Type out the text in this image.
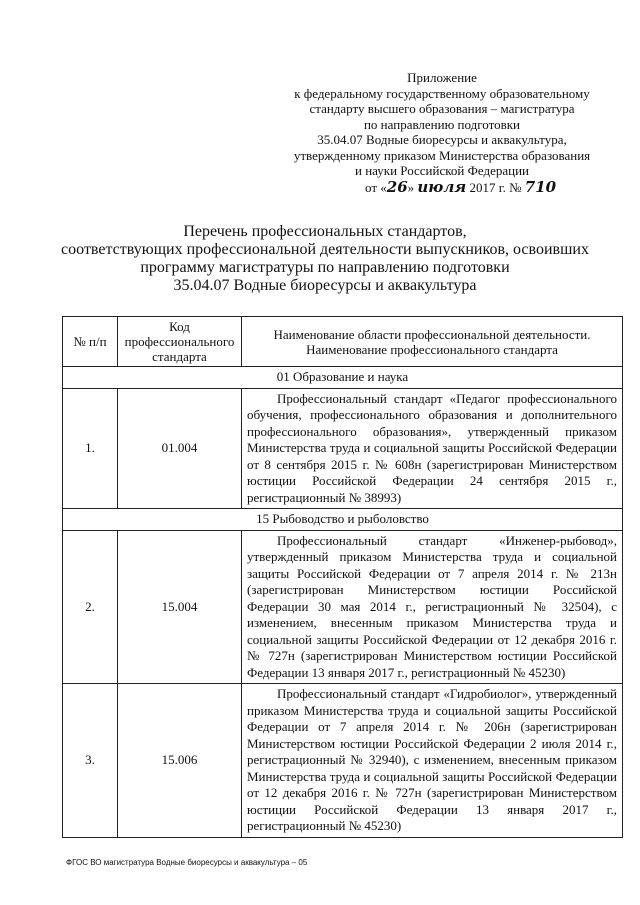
Приложение
к федеральному государственному образовательному
стандарту высшего образования – магистратура
по направлению подготовки
35.04.07 Водные биоресурсы и аквакультура,
утвержденному приказом Министерства образования
и науки Российской Федерации
от «26» июля 2017 г. № 710
Перечень профессиональных стандартов,
соответствующих профессиональной деятельности выпускников, освоивших
программу магистратуры по направлению подготовки
35.04.07 Водные биоресурсы и аквакультура
№ п/п	Код профессионального стандарта	Наименование области профессиональной деятельности. Наименование профессионального стандарта
01 Образование и наука		
1.	01.004	Профессиональный стандарт «Педагог профессионального обучения, профессионального образования и дополнительного профессионального образования», утвержденный приказом Министерства труда и социальной защиты Российской Федерации от 8 сентября 2015 г. № 608н (зарегистрирован Министерством юстиции Российской Федерации 24 сентября 2015 г., регистрационный № 38993)
15 Рыбоводство и рыболовство		
2.	15.004	Профессиональный стандарт «Инженер-рыбовод», утвержденный приказом Министерства труда и социальной защиты Российской Федерации от 7 апреля 2014 г. № 213н (зарегистрирован Министерством юстиции Российской Федерации 30 мая 2014 г., регистрационный № 32504), с изменением, внесенным приказом Министерства труда и социальной защиты Российской Федерации от 12 декабря 2016 г. № 727н (зарегистрирован Министерством юстиции Российской Федерации 13 января 2017 г., регистрационный № 45230)
3.	15.006	Профессиональный стандарт «Гидробиолог», утвержденный приказом Министерства труда и социальной защиты Российской Федерации от 7 апреля 2014 г. № 206н (зарегистрирован Министерством юстиции Российской Федерации 2 июля 2014 г., регистрационный № 32940), с изменением, внесенным приказом Министерства труда и социальной защиты Российской Федерации от 12 декабря 2016 г. № 727н (зарегистрирован Министерством юстиции Российской Федерации 13 января 2017 г., регистрационный № 45230)
ФГОС ВО магистратура Водные биоресурсы и аквакультура – 05
